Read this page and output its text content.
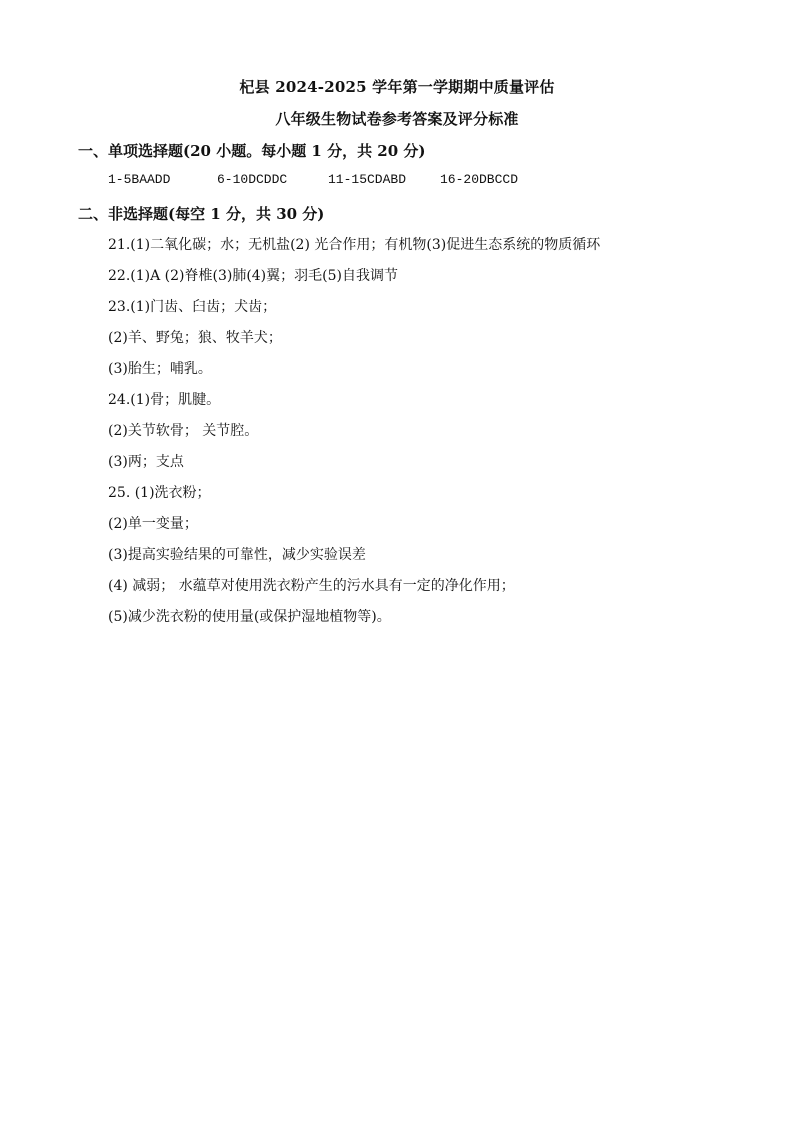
杞县 2024-2025 学年第一学期期中质量评估
八年级生物试卷参考答案及评分标准
一、单项选择题(20 小题。每小题 1 分，共 20 分)
1-5BAADD	6-10DCDDC	11-15CDABD	16-20DBCCD
二、非选择题(每空 1 分，共 30 分)
21.(1)二氧化碳；水；无机盐(2) 光合作用；有机物(3)促进生态系统的物质循环
22.(1)A (2)脊椎(3)肺(4)翼；羽毛(5)自我调节
23.(1)门齿、臼齿；犬齿；
(2)羊、野兔；狼、牧羊犬；
(3)胎生；哺乳。
24.(1)骨；肌腱。
(2)关节软骨； 关节腔。
(3)两；支点
25. (1)洗衣粉；
(2)单一变量；
(3)提高实验结果的可靠性，减少实验误差
(4) 减弱； 水蕴草对使用洗衣粉产生的污水具有一定的净化作用；
(5)减少洗衣粉的使用量(或保护湿地植物等)。
